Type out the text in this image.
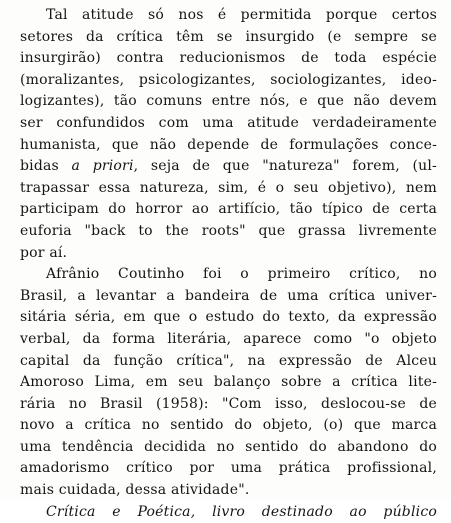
Tal atitude só nos é permitida porque certos
setores da crítica têm se insurgido (e sempre se
insurgirão) contra reducionismos de toda espécie
(moralizantes, psicologizantes, sociologizantes, ideo-
logizantes), tão comuns entre nós, e que não devem
ser confundidos com uma atitude verdadeiramente
humanista, que não depende de formulações conce-
bidas a priori, seja de que "natureza" forem, (ul-
trapassar essa natureza, sim, é o seu objetivo), nem
participam do horror ao artifício, tão típico de certa
euforia "back to the roots" que grassa livremente
por aí.
Afrânio Coutinho foi o primeiro crítico, no
Brasil, a levantar a bandeira de uma crítica univer-
sitária séria, em que o estudo do texto, da expressão
verbal, da forma literária, aparece como "o objeto
capital da função crítica", na expressão de Alceu
Amoroso Lima, em seu balanço sobre a crítica lite-
rária no Brasil (1958): "Com isso, deslocou-se de
novo a crítica no sentido do objeto, (o) que marca
uma tendência decidida no sentido do abandono do
amadorismo crítico por uma prática profissional,
mais cuidada, dessa atividade".
Crítica e Poética, livro destinado ao público
